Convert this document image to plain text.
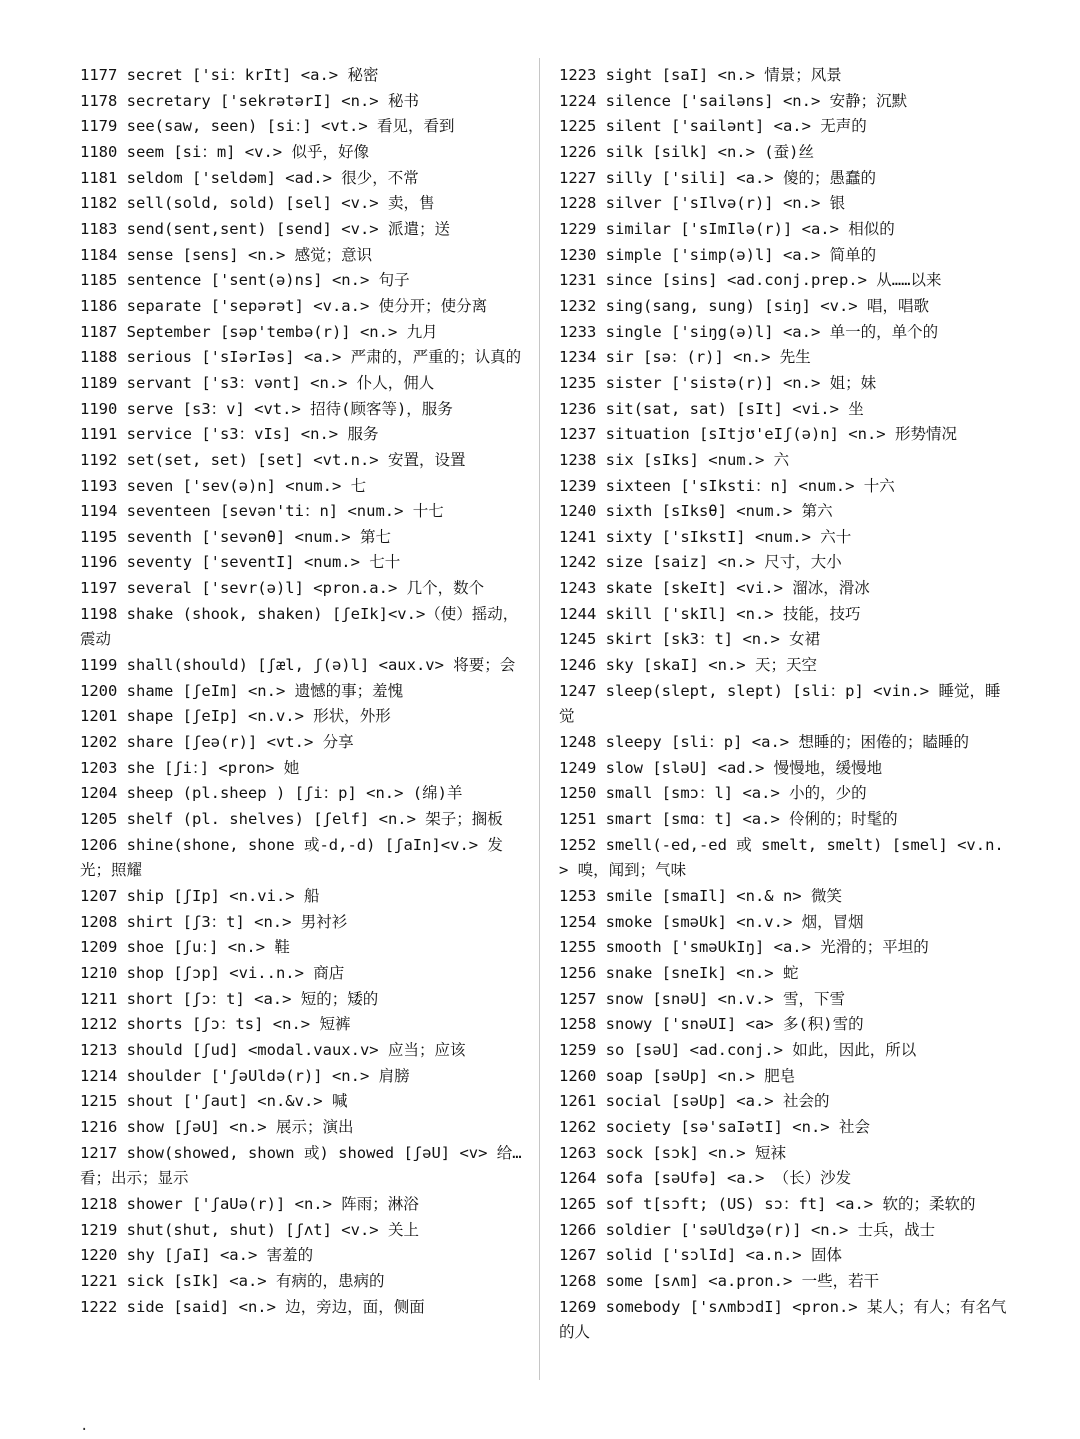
1177 secret ['si：krIt] <a.> 秘密
1178 secretary ['sekrətərI] <n.> 秘书
1179 see(saw, seen) [si：] <vt.> 看见，看到
1180 seem [si：m] <v.> 似乎，好像
1181 seldom ['seldəm] <ad.> 很少，不常
1182 sell(sold, sold) [sel] <v.> 卖，售
1183 send(sent,sent) [send] <v.> 派遣；送
1184 sense [sens] <n.> 感觉；意识
1185 sentence ['sent(ə)ns] <n.> 句子
1186 separate ['sepərət] <v.a.> 使分开；使分离
1187 September [səp'tembə(r)] <n.> 九月
1188 serious ['sIərIəs] <a.> 严肃的，严重的；认真的
1189 servant ['s3：vənt] <n.> 仆人，佣人
1190 serve [s3：v] <vt.> 招待(顾客等)，服务
1191 service ['s3：vIs] <n.> 服务
1192 set(set, set) [set] <vt.n.> 安置，设置
1193 seven ['sev(ə)n] <num.> 七
1194 seventeen [sevən'ti：n] <num.> 十七
1195 seventh ['sevənθ] <num.> 第七
1196 seventy ['seventI] <num.> 七十
1197 several ['sevr(ə)l] <pron.a.> 几个，数个
1198 shake (shook, shaken) [ʃeIk]<v.>（使）摇动，震动
1199 shall(should) [ʃæl, ʃ(ə)l] <aux.v> 将要；会
1200 shame [ʃeIm] <n.> 遗憾的事；羞愧
1201 shape [ʃeIp] <n.v.> 形状，外形
1202 share [ʃeə(r)] <vt.> 分享
1203 she [ʃi：] <pron> 她
1204 sheep (pl.sheep ) [ʃi：p] <n.> (绵)羊
1205 shelf (pl. shelves) [ʃelf] <n.> 架子；搁板
1206 shine(shone, shone 或-d,-d) [ʃaIn]<v.> 发光；照耀
1207 ship [ʃIp] <n.vi.> 船
1208 shirt [ʃ3：t] <n.> 男衬衫
1209 shoe [ʃu：] <n.> 鞋
1210 shop [ʃɔp] <vi..n.> 商店
1211 short [ʃɔ：t] <a.> 短的；矮的
1212 shorts [ʃɔ：ts] <n.> 短裤
1213 should [ʃud] <modal.vaux.v> 应当；应该
1214 shoulder ['ʃəUldə(r)] <n.> 肩膀
1215 shout ['ʃaut] <n.&v.> 喊
1216 show [ʃəU] <n.> 展示；演出
1217 show(showed, shown 或) showed [ʃəU] <v> 给…看；出示；显示
1218 shower ['ʃaUə(r)] <n.> 阵雨；淋浴
1219 shut(shut, shut) [ʃʌt] <v.> 关上
1220 shy [ʃaI] <a.> 害羞的
1221 sick [sIk] <a.> 有病的，患病的
1222 side [said] <n.> 边，旁边，面，侧面
1223 sight [saI] <n.> 情景；风景
1224 silence ['sailəns] <n.> 安静；沉默
1225 silent ['sailənt] <a.> 无声的
1226 silk [silk] <n.> (蚕)丝
1227 silly ['sili] <a.> 傻的；愚蠢的
1228 silver ['sIlvə(r)] <n.> 银
1229 similar ['sImIlə(r)] <a.> 相似的
1230 simple ['simp(ə)l] <a.> 简单的
1231 since [sins] <ad.conj.prep.> 从……以来
1232 sing(sang, sung) [siŋ] <v.> 唱，唱歌
1233 single ['siŋg(ə)l] <a.> 单一的，单个的
1234 sir [sə：(r)] <n.> 先生
1235 sister ['sistə(r)] <n.> 姐；妹
1236 sit(sat, sat) [sIt] <vi.> 坐
1237 situation [sItjʊ'eIʃ(ə)n] <n.> 形势情况
1238 six [sIks] <num.> 六
1239 sixteen ['sIksti：n] <num.> 十六
1240 sixth [sIksθ] <num.> 第六
1241 sixty ['sIkstI] <num.> 六十
1242 size [saiz] <n.> 尺寸，大小
1243 skate [skeIt] <vi.> 溜冰，滑冰
1244 skill ['skIl] <n.> 技能，技巧
1245 skirt [sk3：t] <n.> 女裙
1246 sky [skaI] <n.> 天；天空
1247 sleep(slept, slept) [sli：p] <vin.> 睡觉，睡觉
1248 sleepy [sli：p] <a.> 想睡的；困倦的；瞌睡的
1249 slow [sləU] <ad.> 慢慢地，缓慢地
1250 small [smɔ：l] <a.> 小的，少的
1251 smart [smɑ：t] <a.> 伶俐的；时髦的
1252 smell(-ed,-ed 或 smelt, smelt) [smel] <v.n.> 嗅，闻到；气味
1253 smile [smaIl] <n.& n> 微笑
1254 smoke [sməUk] <n.v.> 烟，冒烟
1255 smooth ['sməUkIŋ] <a.> 光滑的；平坦的
1256 snake [sneIk] <n.> 蛇
1257 snow [snəU] <n.v.> 雪，下雪
1258 snowy ['snəUI] <a> 多(积)雪的
1259 so [səU] <ad.conj.> 如此，因此，所以
1260 soap [səUp] <n.> 肥皂
1261 social [səUp] <a.> 社会的
1262 society [sə'saIətI] <n.> 社会
1263 sock [sɔk] <n.> 短袜
1264 sofa [səUfə] <a.> （长）沙发
1265 sof t[sɔft; (US) sɔ：ft] <a.> 软的；柔软的
1266 soldier ['səUldʒə(r)] <n.> 士兵，战士
1267 solid ['sɔlId] <a.n.> 固体
1268 some [sʌm] <a.pron.> 一些，若干
1269 somebody ['sʌmbɔdI] <pron.> 某人；有人；有名气的人
.
